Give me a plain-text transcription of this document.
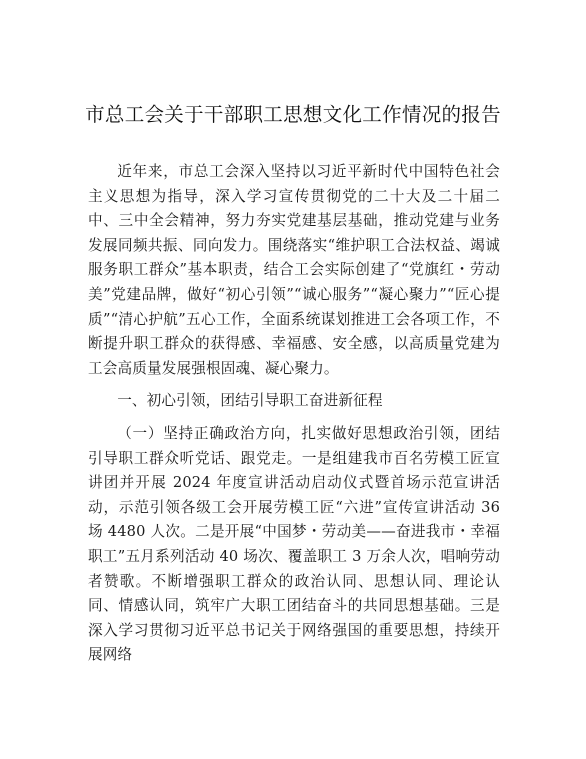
市总工会关于干部职工思想文化工作情况的报告

近年来，市总工会深入坚持以习近平新时代中国特色社会主义思想为指导，深入学习宣传贯彻党的二十大及二十届二中、三中全会精神，努力夯实党建基层基础，推动党建与业务发展同频共振、同向发力。围绕落实“维护职工合法权益、竭诚服务职工群众”基本职责，结合工会实际创建了“党旗红・劳动美”党建品牌，做好“初心引领”“诚心服务”“凝心聚力”“匠心提质”“清心护航”五心工作，全面系统谋划推进工会各项工作，不断提升职工群众的获得感、幸福感、安全感，以高质量党建为工会高质量发展强根固魂、凝心聚力。

一、初心引领，团结引导职工奋进新征程

（一）坚持正确政治方向，扎实做好思想政治引领，团结引导职工群众听党话、跟党走。一是组建我市百名劳模工匠宣讲团并开展 2024 年度宣讲活动启动仪式暨首场示范宣讲活动，示范引领各级工会开展劳模工匠“六进”宣传宣讲活动 36 场 4480 人次。二是开展“中国梦・劳动美——奋进我市・幸福职工”五月系列活动 40 场次、覆盖职工 3 万余人次，唱响劳动者赞歌。不断增强职工群众的政治认同、思想认同、理论认同、情感认同，筑牢广大职工团结奋斗的共同思想基础。三是深入学习贯彻习近平总书记关于网络强国的重要思想，持续开展网络
